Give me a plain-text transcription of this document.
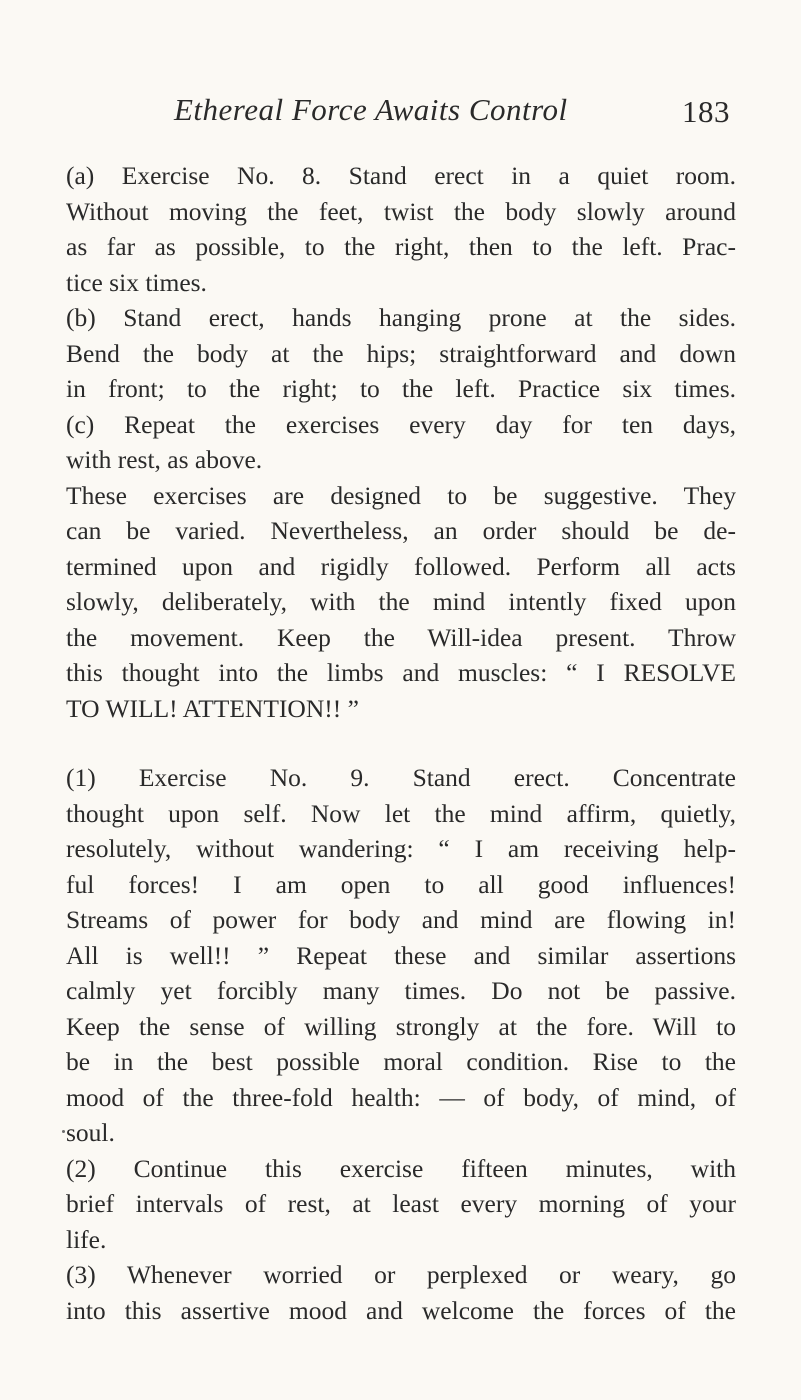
Ethereal Force Awaits Control	183
(a) Exercise No. 8. Stand erect in a quiet room.
Without moving the feet, twist the body slowly around
as far as possible, to the right, then to the left. Prac-
tice six times.
(b) Stand erect, hands hanging prone at the sides.
Bend the body at the hips; straightforward and down
in front; to the right; to the left. Practice six times.
(c) Repeat the exercises every day for ten days,
with rest, as above.
These exercises are designed to be suggestive. They
can be varied. Nevertheless, an order should be de-
termined upon and rigidly followed. Perform all acts
slowly, deliberately, with the mind intently fixed upon
the movement. Keep the Will-idea present. Throw
this thought into the limbs and muscles: “ I RESOLVE
TO WILL! ATTENTION!! ”
(1) Exercise No. 9. Stand erect. Concentrate
thought upon self. Now let the mind affirm, quietly,
resolutely, without wandering: “ I am receiving help-
ful forces! I am open to all good influences!
Streams of power for body and mind are flowing in!
All is well!! ” Repeat these and similar assertions
calmly yet forcibly many times. Do not be passive.
Keep the sense of willing strongly at the fore. Will to
be in the best possible moral condition. Rise to the
mood of the three-fold health: — of body, of mind, of
soul.
(2) Continue this exercise fifteen minutes, with
brief intervals of rest, at least every morning of your
life.
(3) Whenever worried or perplexed or weary, go
into this assertive mood and welcome the forces of the
